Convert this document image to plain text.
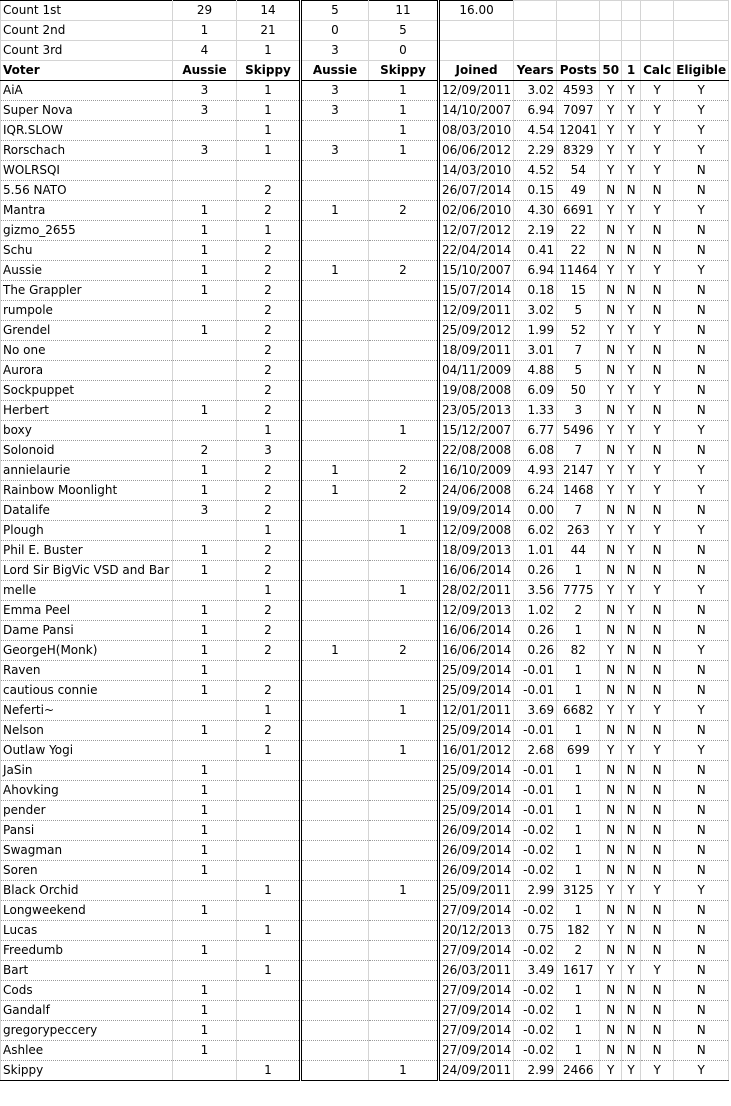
Count 1st	29	14	5	11	16.00						
Count 2nd	1	21	0	5							
Count 3rd	4	1	3	0							
Voter	Aussie	Skippy	Aussie	Skippy	Joined	Years	Posts	50	1	Calc	Eligible
AiA	3	1	3	1	12/09/2011	3.02	4593	Y	Y	Y	Y
Super Nova	3	1	3	1	14/10/2007	6.94	7097	Y	Y	Y	Y
IQR.SLOW		1		1	08/03/2010	4.54	12041	Y	Y	Y	Y
Rorschach	3	1	3	1	06/06/2012	2.29	8329	Y	Y	Y	Y
WOLRSQI					14/03/2010	4.52	54	Y	Y	Y	N
5.56 NATO		2			26/07/2014	0.15	49	N	N	N	N
Mantra	1	2	1	2	02/06/2010	4.30	6691	Y	Y	Y	Y
gizmo_2655	1	1			12/07/2012	2.19	22	N	Y	N	N
Schu	1	2			22/04/2014	0.41	22	N	N	N	N
Aussie	1	2	1	2	15/10/2007	6.94	11464	Y	Y	Y	Y
The Grappler	1	2			15/07/2014	0.18	15	N	N	N	N
rumpole		2			12/09/2011	3.02	5	N	Y	N	N
Grendel	1	2			25/09/2012	1.99	52	Y	Y	Y	N
No one		2			18/09/2011	3.01	7	N	Y	N	N
Aurora		2			04/11/2009	4.88	5	N	Y	N	N
Sockpuppet		2			19/08/2008	6.09	50	Y	Y	Y	N
Herbert	1	2			23/05/2013	1.33	3	N	Y	N	N
boxy		1		1	15/12/2007	6.77	5496	Y	Y	Y	Y
Solonoid	2	3			22/08/2008	6.08	7	N	Y	N	N
annielaurie	1	2	1	2	16/10/2009	4.93	2147	Y	Y	Y	Y
Rainbow Moonlight	1	2	1	2	24/06/2008	6.24	1468	Y	Y	Y	Y
Datalife	3	2			19/09/2014	0.00	7	N	N	N	N
Plough		1		1	12/09/2008	6.02	263	Y	Y	Y	Y
Phil E. Buster	1	2			18/09/2013	1.01	44	N	Y	N	N
Lord Sir BigVic VSD and Bar	1	2			16/06/2014	0.26	1	N	N	N	N
melle		1		1	28/02/2011	3.56	7775	Y	Y	Y	Y
Emma Peel	1	2			12/09/2013	1.02	2	N	Y	N	N
Dame Pansi	1	2			16/06/2014	0.26	1	N	N	N	N
GeorgeH(Monk)	1	2	1	2	16/06/2014	0.26	82	Y	N	N	Y
Raven	1				25/09/2014	-0.01	1	N	N	N	N
cautious connie	1	2			25/09/2014	-0.01	1	N	N	N	N
Neferti~		1		1	12/01/2011	3.69	6682	Y	Y	Y	Y
Nelson	1	2			25/09/2014	-0.01	1	N	N	N	N
Outlaw Yogi		1		1	16/01/2012	2.68	699	Y	Y	Y	Y
JaSin	1				25/09/2014	-0.01	1	N	N	N	N
Ahovking	1				25/09/2014	-0.01	1	N	N	N	N
pender	1				25/09/2014	-0.01	1	N	N	N	N
Pansi	1				26/09/2014	-0.02	1	N	N	N	N
Swagman	1				26/09/2014	-0.02	1	N	N	N	N
Soren	1				26/09/2014	-0.02	1	N	N	N	N
Black Orchid		1		1	25/09/2011	2.99	3125	Y	Y	Y	Y
Longweekend	1				27/09/2014	-0.02	1	N	N	N	N
Lucas		1			20/12/2013	0.75	182	Y	N	N	N
Freedumb	1				27/09/2014	-0.02	2	N	N	N	N
Bart		1			26/03/2011	3.49	1617	Y	Y	Y	N
Cods	1				27/09/2014	-0.02	1	N	N	N	N
Gandalf	1				27/09/2014	-0.02	1	N	N	N	N
gregorypeccery	1				27/09/2014	-0.02	1	N	N	N	N
Ashlee	1				27/09/2014	-0.02	1	N	N	N	N
Skippy		1		1	24/09/2011	2.99	2466	Y	Y	Y	Y
